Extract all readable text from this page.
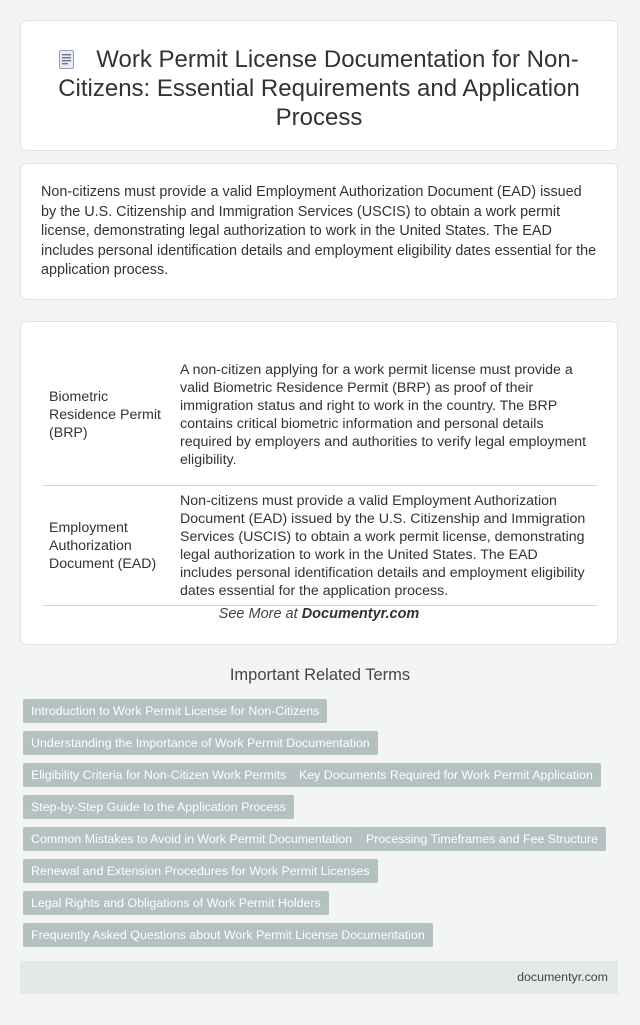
Work Permit License Documentation for Non-Citizens: Essential Requirements and Application Process
Non-citizens must provide a valid Employment Authorization Document (EAD) issued by the U.S. Citizenship and Immigration Services (USCIS) to obtain a work permit license, demonstrating legal authorization to work in the United States. The EAD includes personal identification details and employment eligibility dates essential for the application process.
Biometric Residence Permit (BRP)	A non-citizen applying for a work permit license must provide a valid Biometric Residence Permit (BRP) as proof of their immigration status and right to work in the country. The BRP contains critical biometric information and personal details required by employers and authorities to verify legal employment eligibility.
Employment Authorization Document (EAD)	Non-citizens must provide a valid Employment Authorization Document (EAD) issued by the U.S. Citizenship and Immigration Services (USCIS) to obtain a work permit license, demonstrating legal authorization to work in the United States. The EAD includes personal identification details and employment eligibility dates essential for the application process.
See More at Documentyr.com
Important Related Terms
Introduction to Work Permit License for Non-Citizens
Understanding the Importance of Work Permit Documentation
Eligibility Criteria for Non-Citizen Work Permits	Key Documents Required for Work Permit Application
Step-by-Step Guide to the Application Process
Common Mistakes to Avoid in Work Permit Documentation	Processing Timeframes and Fee Structure
Renewal and Extension Procedures for Work Permit Licenses
Legal Rights and Obligations of Work Permit Holders
Frequently Asked Questions about Work Permit License Documentation
documentyr.com
